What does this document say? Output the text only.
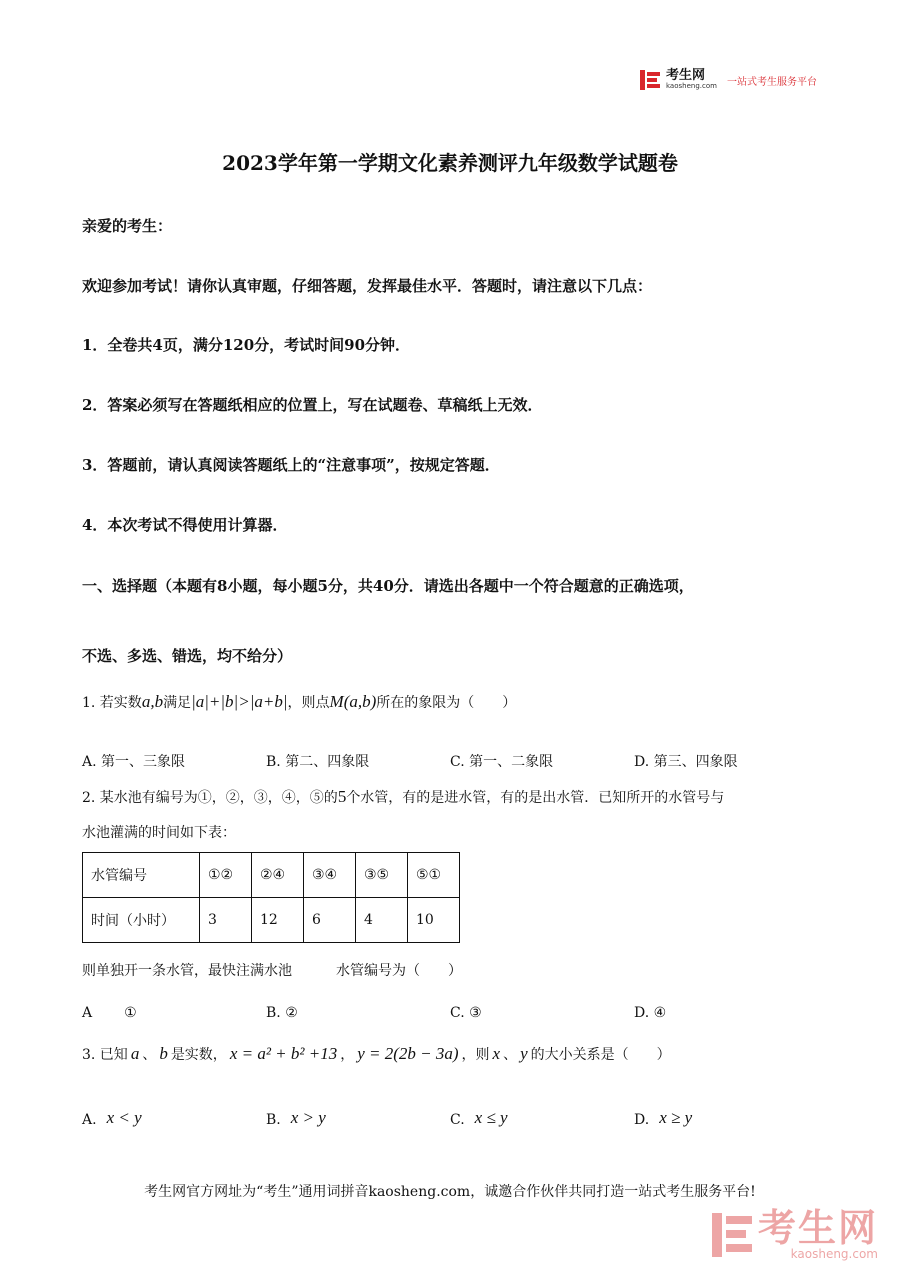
考生网
kaosheng.com 一站式考生服务平台
2023学年第一学期文化素养测评九年级数学试题卷
亲爱的考生：
欢迎参加考试！请你认真审题，仔细答题，发挥最佳水平．答题时，请注意以下几点：
1．全卷共4页，满分120分，考试时间90分钟．
2．答案必须写在答题纸相应的位置上，写在试题卷、草稿纸上无效．
3．答题前，请认真阅读答题纸上的“注意事项”，按规定答题．
4．本次考试不得使用计算器．
一、选择题（本题有8小题，每小题5分，共40分．请选出各题中一个符合题意的正确选项，
不选、多选、错选，均不给分）
1. 若实数 a,b 满足 |a|+|b|>|a+b| ，则点 M(a,b) 所在的象限为（　　）
A. 第一、三象限	B. 第二、四象限	C. 第一、二象限	D. 第三、四象限
2. 某水池有编号为①，②，③，④，⑤的5个水管，有的是进水管，有的是出水管．已知所开的水管号与
水池灌满的时间如下表：
水管编号	①②	②④	③④	③⑤	⑤①
时间（小时）	3	12	6	4	10
则单独开一条水管，最快注满水池	水管编号为（　　）
A ①	B. ②	C. ③	D. ④
3. 已知 a 、 b 是实数， x = a² + b² +13 ， y = 2(2b − 3a) ，则 x 、 y 的大小关系是（　　）
A. x < y	B. x > y	C. x ≤ y	D. x ≥ y
考生网官方网址为“考生”通用词拼音kaosheng.com，诚邀合作伙伴共同打造一站式考生服务平台!
考生网
kaosheng.com
